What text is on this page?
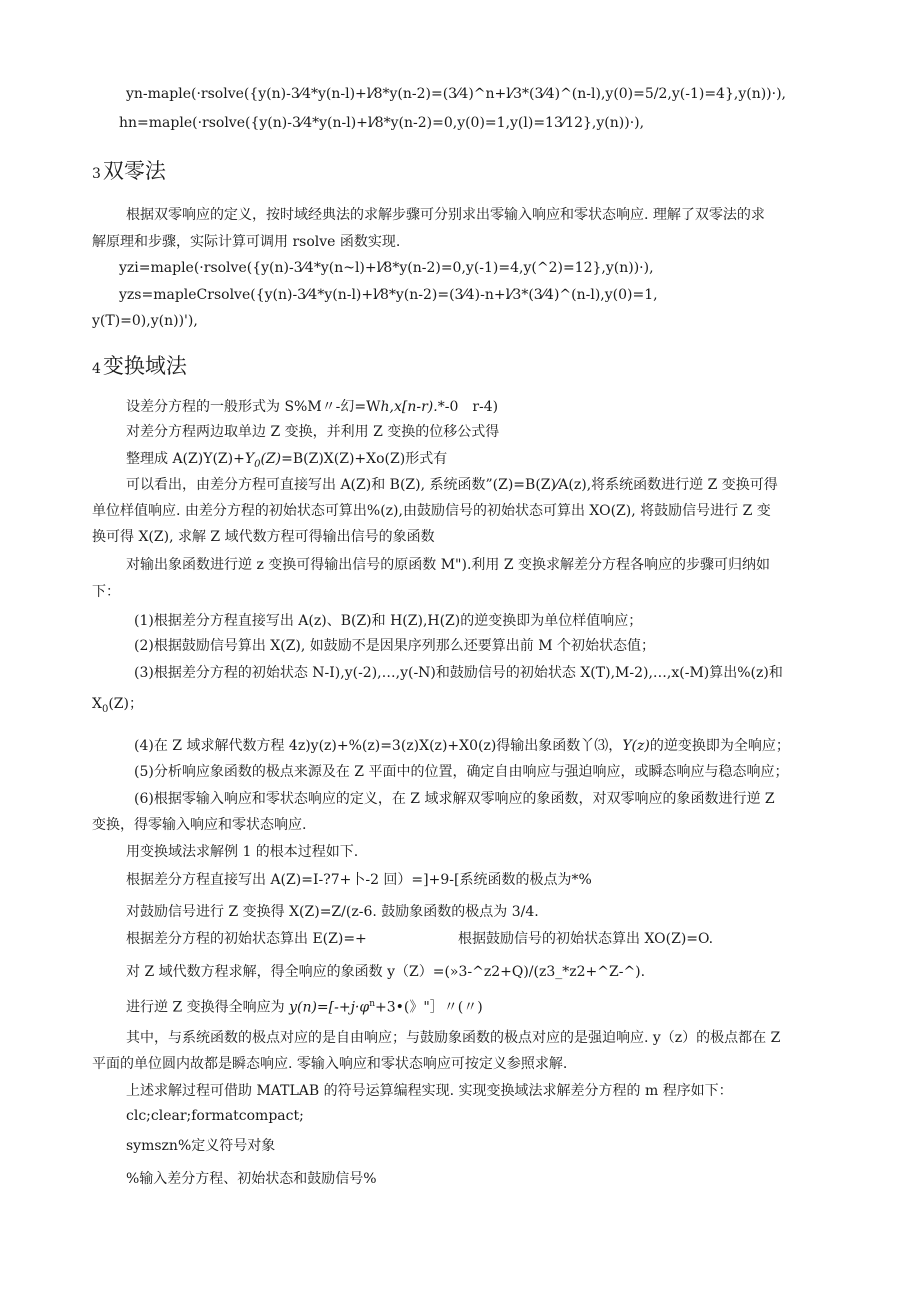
yn-maple(·rsolve({y(n)-3⁄4*y(n-l)+l⁄8*y(n-2)=(3⁄4)^n+l⁄3*(3⁄4)^(n-l),y(0)=5/2,y(-1)=4},y(n))·),
hn=maple(·rsolve({y(n)-3⁄4*y(n-l)+l⁄8*y(n-2)=0,y(0)=1,y(l)=13⁄12},y(n))·),
3双零法
根据双零响应的定义，按时域经典法的求解步骤可分别求出零输入响应和零状态响应. 理解了双零法的求
解原理和步骤，实际计算可调用 rsolve 函数实现.
yzi=maple(·rsolve({y(n)-3⁄4*y(n~l)+l⁄8*y(n-2)=0,y(-1)=4,y(^2)=12},y(n))·),
yzs=mapleCrsolve({y(n)-3⁄4*y(n-l)+l⁄8*y(n-2)=(3⁄4)-n+l⁄3*(3⁄4)^(n-l),y(0)=1,
y(T)=0),y(n))'),
4变换域法
设差分方程的一般形式为 S%M〃-幻=Wh,x[n-r).*-0　r-4)
对差分方程两边取单边 Z 变换，并利用 Z 变换的位移公式得
整理成 $A(Z)Y(Z)+Y_0(Z)=B(Z)X(Z)+Xo(Z)$形式有
可以看出，由差分方程可直接写出 A(Z)和 B(Z), 系统函数”(Z)=B(Z)⁄A(z),将系统函数进行逆 Z 变换可得
单位样值响应. 由差分方程的初始状态可算出%(z),由鼓励信号的初始状态可算出 XO(Z), 将鼓励信号进行 Z 变
换可得 X(Z), 求解 Z 域代数方程可得输出信号的象函数
对输出象函数进行逆 z 变换可得输出信号的原函数 M").利用 Z 变换求解差分方程各响应的步骤可归纳如
下：
(1)根据差分方程直接写出 A(z)、B(Z)和 H(Z),H(Z)的逆变换即为单位样值响应；
(2)根据鼓励信号算出 X(Z), 如鼓励不是因果序列那么还要算出前 M 个初始状态值；
(3)根据差分方程的初始状态 N-I),y(-2),…,y(-N)和鼓励信号的初始状态 X(T),M-2),…,x(-M)算出%(z)和
$X_0(Z)$；
(4)在 Z 域求解代数方程 4z)y(z)+%(z)=3(z)X(z)+X0(z)得输出象函数丫⑶，Y(z)的逆变换即为全响应；
(5)分析响应象函数的极点来源及在 Z 平面中的位置，确定自由响应与强迫响应，或瞬态响应与稳态响应；
(6)根据零输入响应和零状态响应的定义，在 Z 域求解双零响应的象函数，对双零响应的象函数进行逆 Z
变换，得零输入响应和零状态响应.
用变换域法求解例 1 的根本过程如下.
根据差分方程直接写出 A(Z)=I-?7+卜-2 回）=]+9-[系统函数的极点为*%
对鼓励信号进行 Z 变换得 X(Z)=Z/(z-6. 鼓励象函数的极点为 3/4.
根据差分方程的初始状态算出 E(Z)=+	根据鼓励信号的初始状态算出 XO(Z)=O.
对 Z 域代数方程求解，得全响应的象函数 y（Z）=(»3-^z2+Q)/(z3_*z2+^Z-^).
进行逆 Z 变换得全响应为 $y(n)=[-+j\cdot\varphi^n+3•$(》"］〃(〃)
其中，与系统函数的极点对应的是自由响应；与鼓励象函数的极点对应的是强迫响应. y（z）的极点都在 Z
平面的单位圆内故都是瞬态响应. 零输入响应和零状态响应可按定义参照求解.
上述求解过程可借助 MATLAB 的符号运算编程实现. 实现变换域法求解差分方程的 m 程序如下：
clc;clear;formatcompact;
symszn%定义符号对象
%输入差分方程、初始状态和鼓励信号%
